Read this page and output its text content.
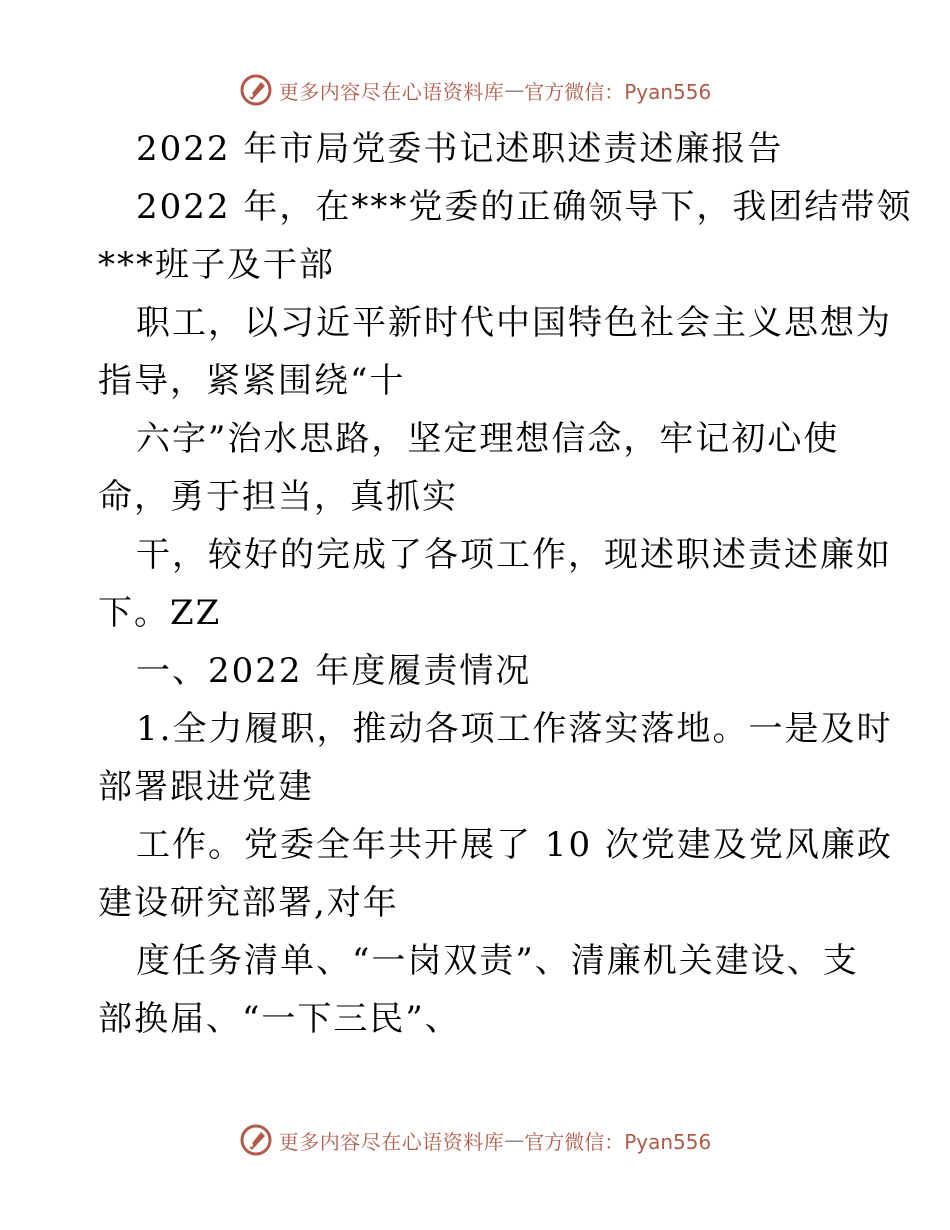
更多内容尽在心语资料库 — 官方微信：Pyan556
2022 年市局党委书记述职述责述廉报告
2022 年，在***党委的正确领导下，我团结带领
***班子及干部
职工，以习近平新时代中国特色社会主义思想为
指导，紧紧围绕“十
六字”治水思路，坚定理想信念，牢记初心使
命，勇于担当，真抓实
干，较好的完成了各项工作，现述职述责述廉如
下。ZZ
一、2022 年度履责情况
1.全力履职，推动各项工作落实落地。一是及时
部署跟进党建
工作。党委全年共开展了 10 次党建及党风廉政
建设研究部署,对年
度任务清单、“一岗双责”、清廉机关建设、支
部换届、“一下三民”、
更多内容尽在心语资料库 — 官方微信：Pyan556
